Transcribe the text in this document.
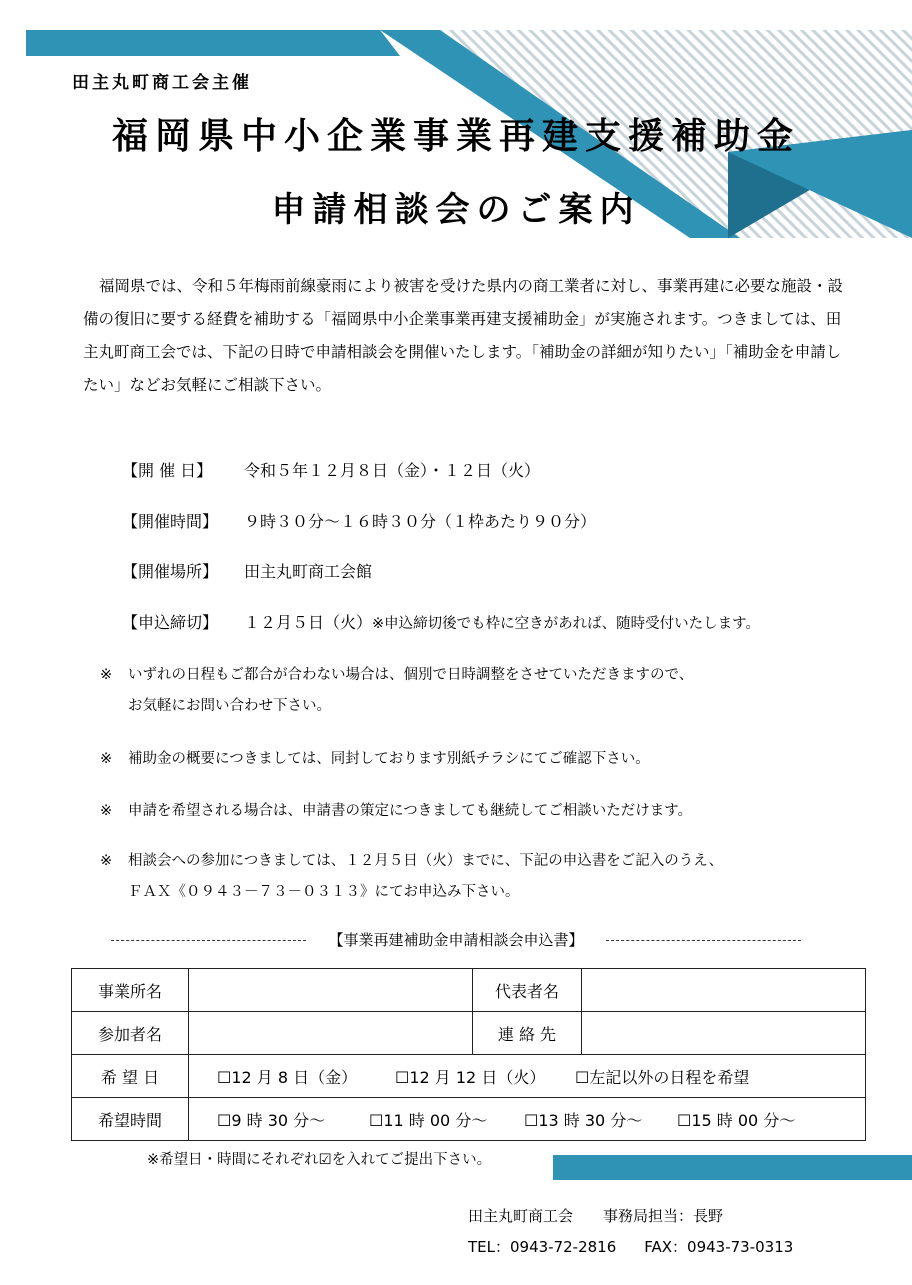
田主丸町商工会主催
福岡県中小企業事業再建支援補助金
申請相談会のご案内

福岡県では、令和５年梅雨前線豪雨により被害を受けた県内の商工業者に対し、事業再建に必要な施設・設備の復旧に要する経費を補助する「福岡県中小企業事業再建支援補助金」が実施されます。つきましては、田主丸町商工会では、下記の日時で申請相談会を開催いたします。「補助金の詳細が知りたい」「補助金を申請したい」などお気軽にご相談下さい。

【開 催 日】 令和５年１２月８日（金）・１２日（火）
【開催時間】 ９時３０分～１６時３０分（１枠あたり９０分）
【開催場所】 田主丸町商工会館
【申込締切】 １２月５日（火）※申込締切後でも枠に空きがあれば、随時受付いたします。
※ いずれの日程もご都合が合わない場合は、個別で日時調整をさせていただきますので、
お気軽にお問い合わせ下さい。
※ 補助金の概要につきましては、同封しております別紙チラシにてご確認下さい。
※ 申請を希望される場合は、申請書の策定につきましても継続してご相談いただけます。
※ 相談会への参加につきましては、１２月５日（火）までに、下記の申込書をご記入のうえ、
ＦＡＸ《０９４３－７３－０３１３》にてお申込み下さい。
【事業再建補助金申請相談会申込書】
事業所名		代表者名	
参加者名		連 絡 先	
希 望 日	☐12 月 8 日（金） ☐12 月 12 日（火） ☐左記以外の日程を希望		
希望時間	☐9 時 30 分～ ☐11 時 00 分～ ☐13 時 30 分～ ☐15 時 00 分～		
※希望日・時間にそれぞれ☑を入れてご提出下さい。
田主丸町商工会 事務局担当：長野
TEL：0943-72-2816 FAX：0943-73-0313
